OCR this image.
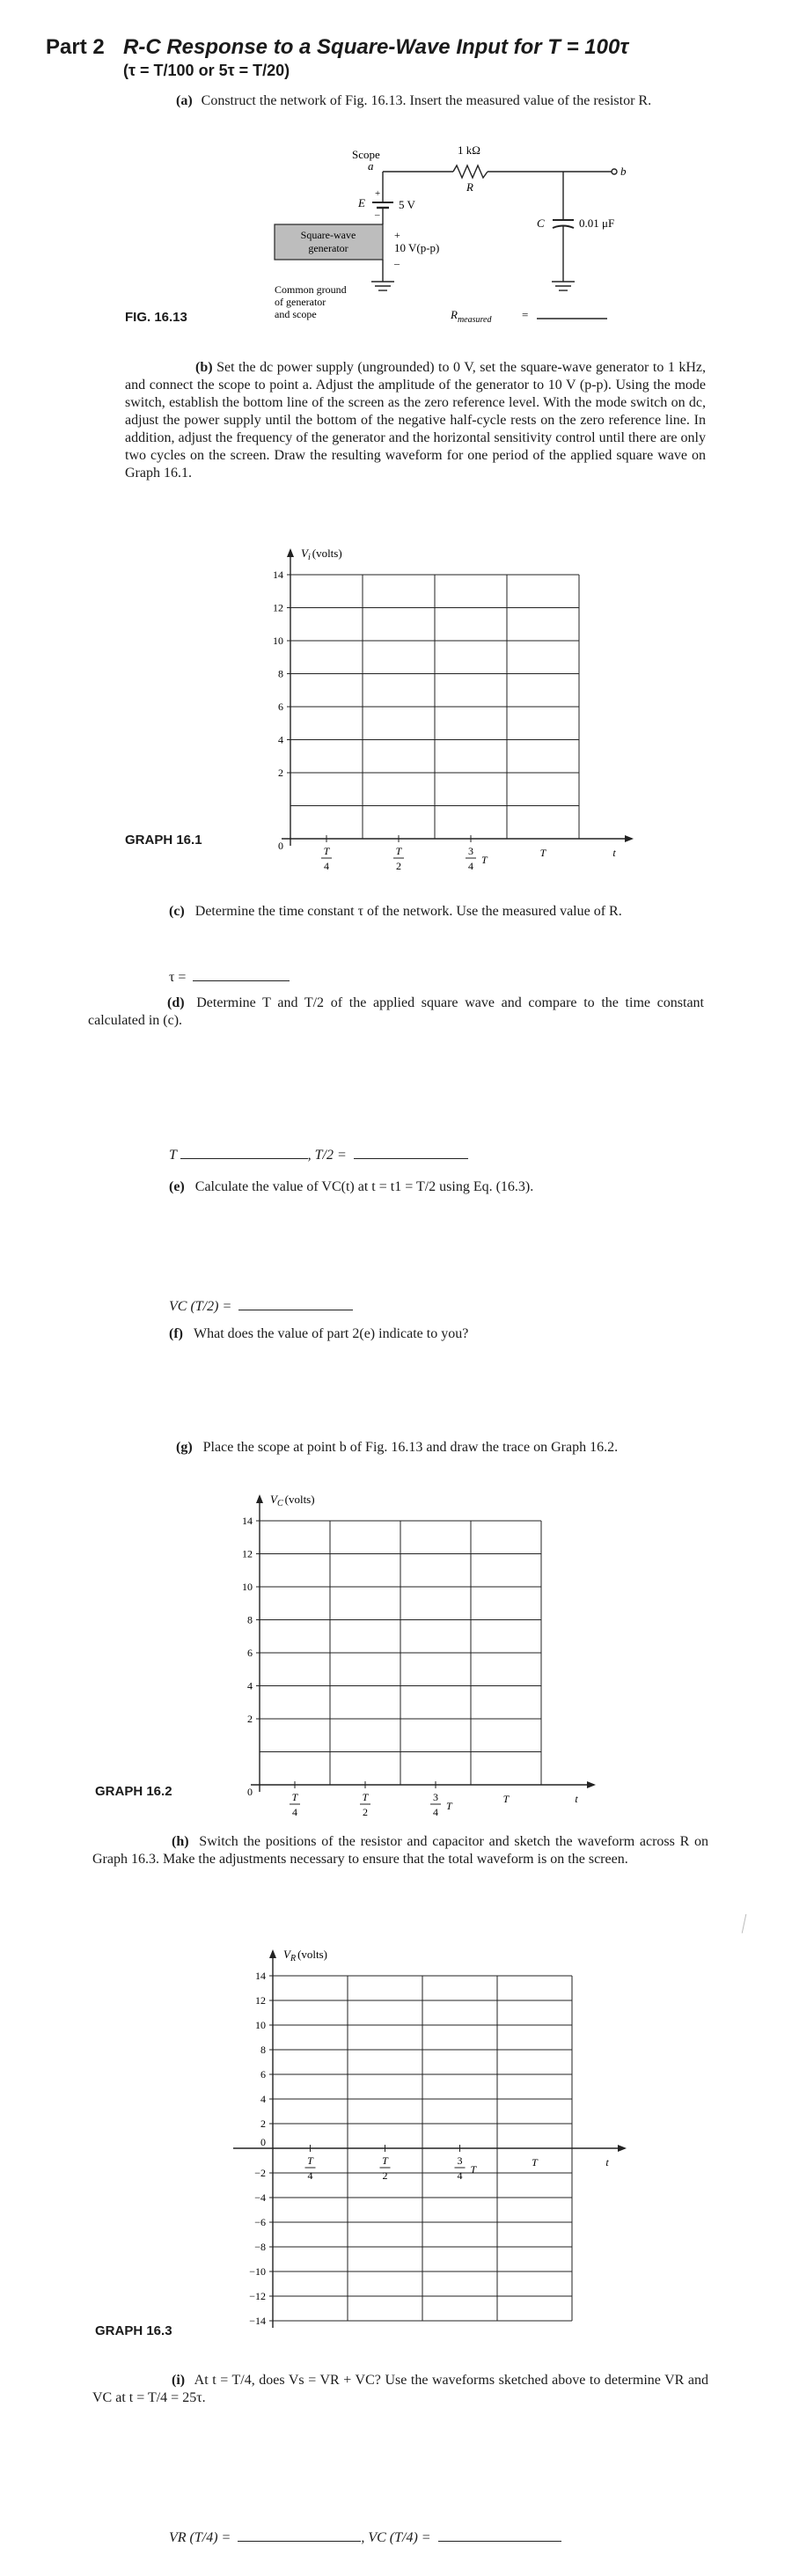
Part 2 R-C Response to a Square-Wave Input for T = 100τ
(τ = T/100 or 5τ = T/20)
(a) Construct the network of Fig. 16.13. Insert the measured value of the resistor R.
Square-wave
generator
+
10 V(p-p)
–
Scope
a
1 kΩ
R
b
+
E
–
5 V
C	0.01 μF
Common ground
of generator
and scope	$R_{measured}$	=
FIG. 16.13
(b) Set the dc power supply (ungrounded) to 0 V, set the square-wave generator to 1 kHz, and connect the scope to point a. Adjust the amplitude of the generator to 10 V (p-p). Using the mode switch, establish the bottom line of the screen as the zero reference level. With the mode switch on dc, adjust the power supply until the bottom of the negative half-cycle rests on the zero reference line. In addition, adjust the frequency of the generator and the horizontal sensitivity control until there are only two cycles on the screen. Draw the resulting waveform for one period of the applied square wave on Graph 16.1.
$V_i$ (volts)
14
12
10
8
6
4
2
0	T
4
T
2
3
4 T
T	t
GRAPH 16.1
(c) Determine the time constant τ of the network. Use the measured value of R.
τ =
(d) Determine T and T/2 of the applied square wave and compare to the time constant calculated in (c).
T	, T/2 =
(e) Calculate the value of VC(t) at t = t1 = T/2 using Eq. (16.3).
VC (T/2) =
(f) What does the value of part 2(e) indicate to you?
(g) Place the scope at point b of Fig. 16.13 and draw the trace on Graph 16.2.
$V_C$ (volts)
14
12
10
8
6
4
2
0	T
4
T
2
3
4 T
T	t
GRAPH 16.2
(h) Switch the positions of the resistor and capacitor and sketch the waveform across R on Graph 16.3. Make the adjustments necessary to ensure that the total waveform is on the screen.
$V_R$ (volts)
14
12
10
8
6
4
2
0
−2
−4
−6
−8
−10
−12
−14
T
4
T
2
3
4 T
T	t
GRAPH 16.3
(i) At t = T/4, does Vs = VR + VC? Use the waveforms sketched above to determine VR and VC at t = T/4 = 25τ.
VR (T/4) =	, VC (T/4) =
